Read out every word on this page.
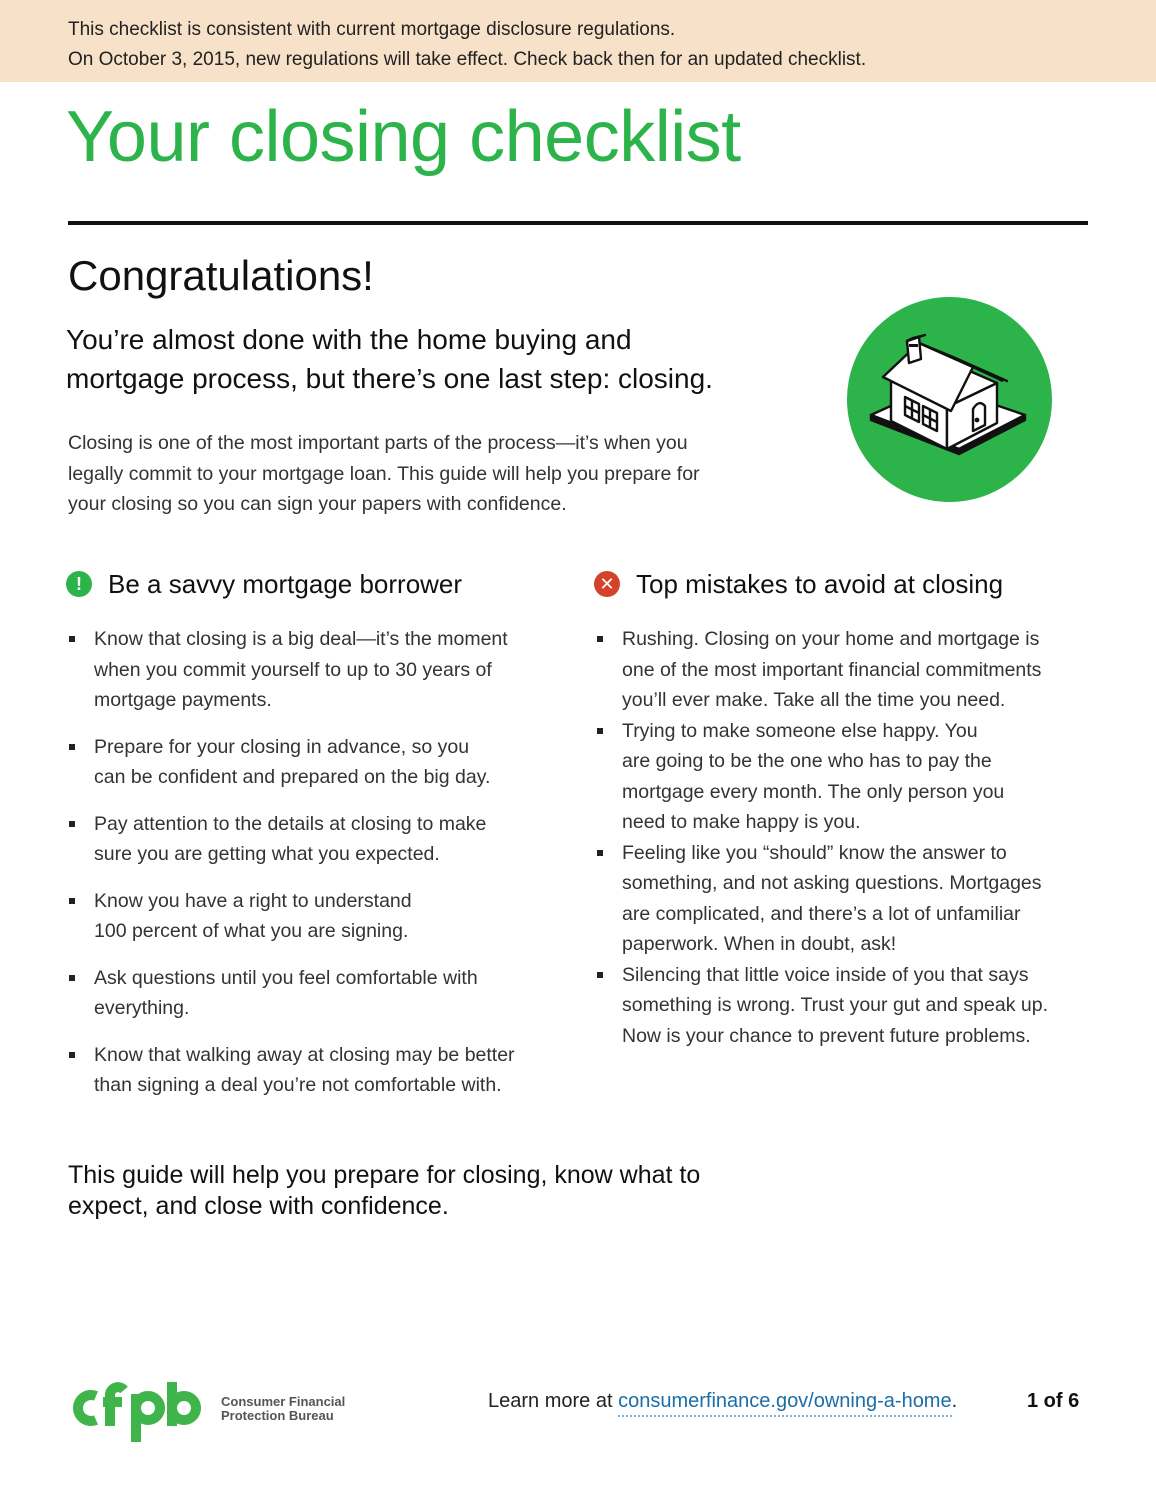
This checklist is consistent with current mortgage disclosure regulations.
On October 3, 2015, new regulations will take effect. Check back then for an updated checklist.
Your closing checklist
Congratulations!
You’re almost done with the home buying and
mortgage process, but there’s one last step: closing.
Closing is one of the most important parts of the process—it’s when you
legally commit to your mortgage loan. This guide will help you prepare for
your closing so you can sign your papers with confidence.
!	Be a savvy mortgage borrower
Know that closing is a big deal—it’s the moment
when you commit yourself to up to 30 years of
mortgage payments.
Prepare for your closing in advance, so you
can be confident and prepared on the big day.
Pay attention to the details at closing to make
sure you are getting what you expected.
Know you have a right to understand
100 percent of what you are signing.
Ask questions until you feel comfortable with
everything.
Know that walking away at closing may be better
than signing a deal you’re not comfortable with.
✕ Top mistakes to avoid at closing
Rushing. Closing on your home and mortgage is
one of the most important financial commitments
you’ll ever make. Take all the time you need.
Trying to make someone else happy. You
are going to be the one who has to pay the
mortgage every month. The only person you
need to make happy is you.
Feeling like you “should” know the answer to
something, and not asking questions. Mortgages
are complicated, and there’s a lot of unfamiliar
paperwork. When in doubt, ask!
Silencing that little voice inside of you that says
something is wrong. Trust your gut and speak up.
Now is your chance to prevent future problems.
This guide will help you prepare for closing, know what to
expect, and close with confidence.
Consumer Financial
Protection Bureau
Learn more at consumerfinance.gov/owning-a-home.	1 of 6
